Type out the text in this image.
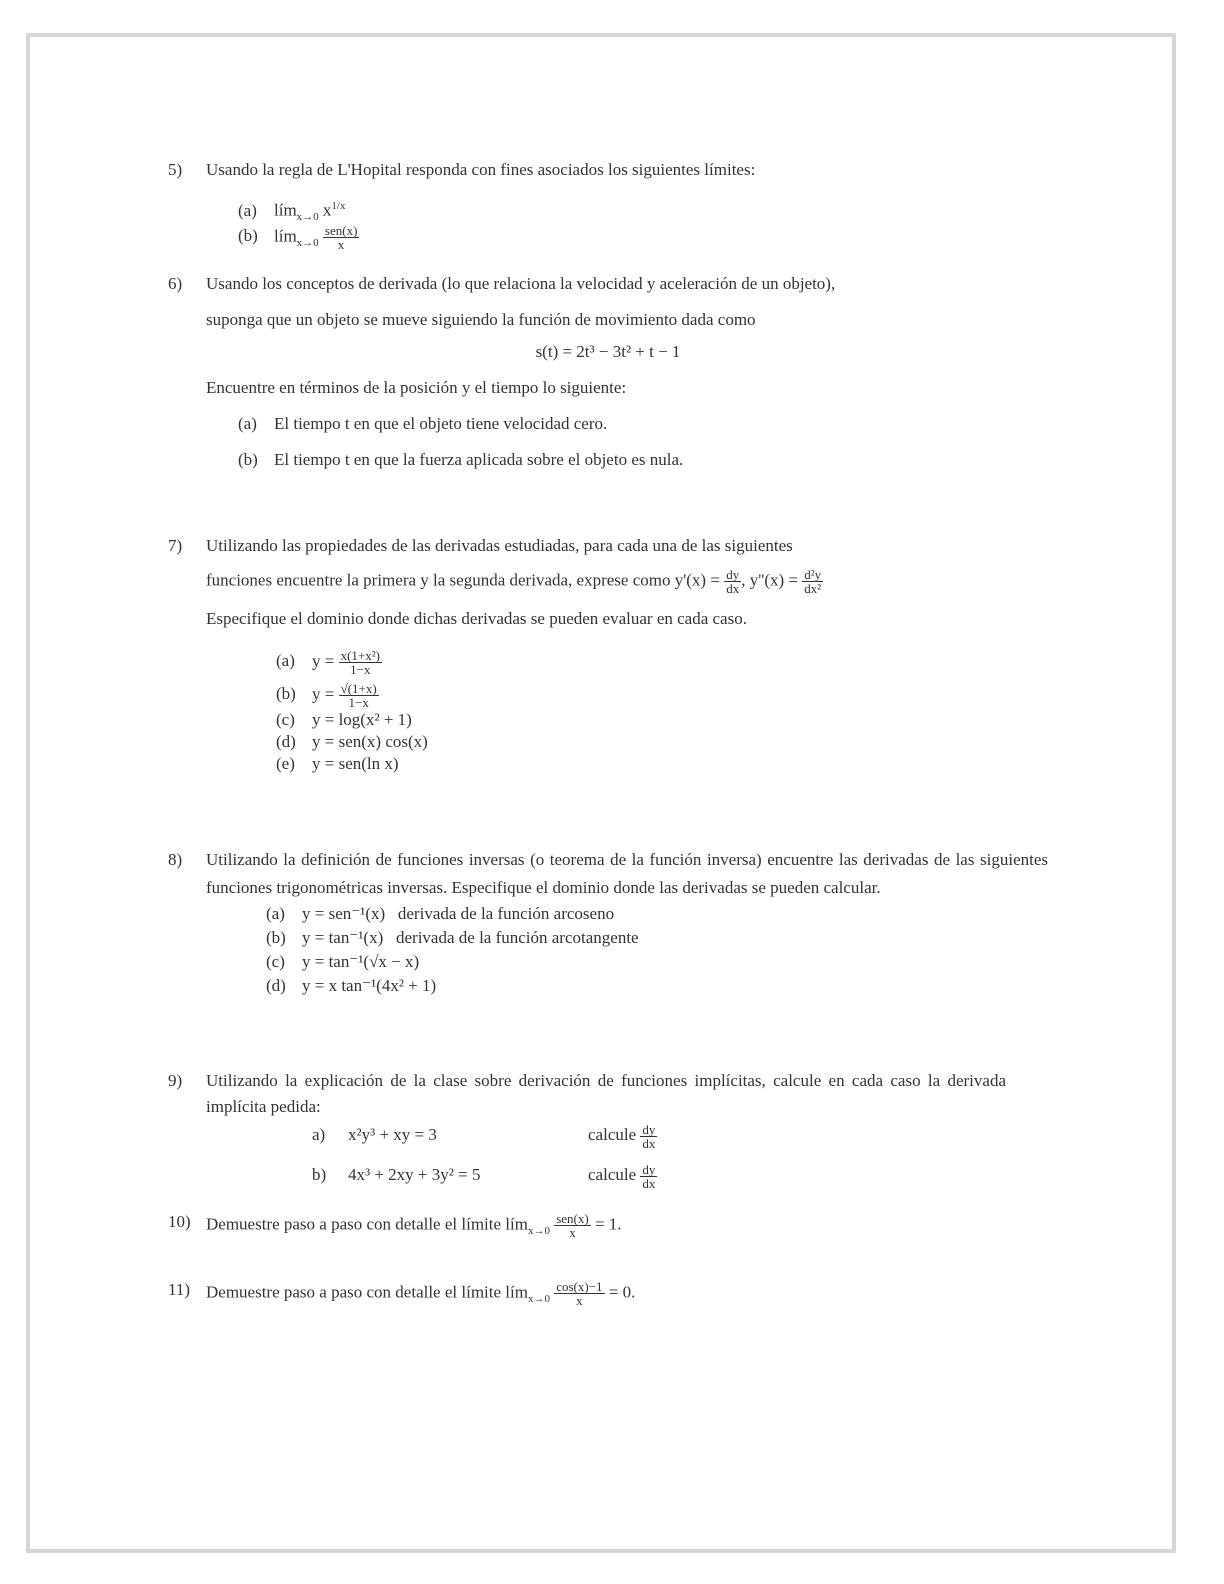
5)	Usando la regla de L'Hopital responda con fines asociados los siguientes límites:
(a) lím$_{x\to 0}$ $x^{1/x}$
(b) lím$_{x\to 0}$ $\frac{\text{sen(x)}}{x}$
6)	Usando los conceptos de derivada (lo que relaciona la velocidad y aceleración de un objeto),
suponga que un objeto se mueve siguiendo la función de movimiento dada como
s(t) = 2t³ − 3t² + t − 1
Encuentre en términos de la posición y el tiempo lo siguiente:
(a) El tiempo t en que el objeto tiene velocidad cero.
(b) El tiempo t en que la fuerza aplicada sobre el objeto es nula.
7)	Utilizando las propiedades de las derivadas estudiadas, para cada una de las siguientes
funciones encuentre la primera y la segunda derivada, exprese como $y'(x) = \frac{dy}{dx}$ , $y''(x) = \frac{\text{d²y}}{\text{dx²}}$
Especifique el dominio donde dichas derivadas se pueden evaluar en cada caso.
(a) $y = \frac{\text{x(1+x²)}}{1-x}$
(b) $y = \frac{√(1+x)}{1-x}$
(c) y = log(x² + 1)
(d) y = sen(x) cos(x)
(e) y = sen(ln x)
8)	Utilizando la definición de funciones inversas (o teorema de la función inversa) encuentre las derivadas de las siguientes funciones trigonométricas inversas. Especifique el dominio donde las derivadas se pueden calcular.
(a) y = sen⁻¹(x)   derivada de la función arcoseno
(b) y = tan⁻¹(x)   derivada de la función arcotangente
(c) y = tan⁻¹(√x − x)
(d) y = x tan⁻¹(4x² + 1)
9)	Utilizando la explicación de la clase sobre derivación de funciones implícitas, calcule en cada caso la derivada implícita pedida:
a) x²y³ + xy = 3	calcule $\frac{dy}{dx}$
b) 4x³ + 2xy + 3y² = 5	calcule $\frac{dy}{dx}$
10) Demuestre paso a paso con detalle el límite lím$_{x\to 0}$ $\frac{\text{sen(x)}}{x} = 1$.
11) Demuestre paso a paso con detalle el límite lím$_{x\to 0}$ $\frac{\cos(x)-1}{x} = 0$.
